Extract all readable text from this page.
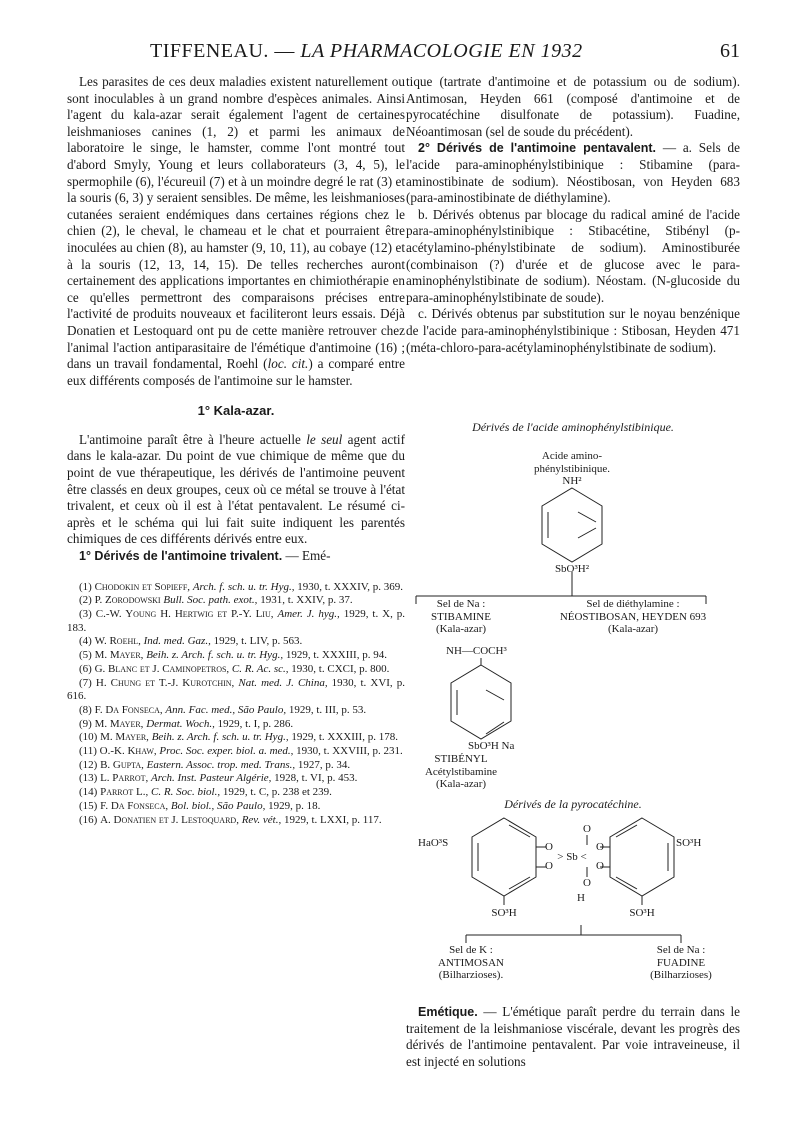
TIFFENEAU. — LA PHARMACOLOGIE EN 1932	61

Les parasites de ces deux maladies existent naturellement ou sont inoculables à un grand nombre d'espèces animales. Ainsi l'agent du kala-azar serait également l'agent de certaines leishmanioses canines (1, 2) et parmi les animaux de laboratoire le singe, le hamster, comme l'ont montré tout d'abord Smyly, Young et leurs collaborateurs (3, 4, 5), le spermophile (6), l'écureuil (7) et à un moindre degré le rat (3) et la souris (6, 3) y seraient sensibles. De même, les leishmanioses cutanées seraient endémiques dans certaines régions chez le chien (2), le cheval, le chameau et le chat et pourraient être inoculées au chien (8), au hamster (9, 10, 11), au cobaye (12) et à la souris (12, 13, 14, 15). De telles recherches auront certainement des applications importantes en chimiothérapie en ce qu'elles permettront des comparaisons précises entre l'activité de produits nouveaux et faciliteront leurs essais. Déjà Donatien et Lestoquard ont pu de cette manière retrouver chez l'animal l'action antiparasitaire de l'émétique d'antimoine (16) ; dans un travail fondamental, Roehl (loc. cit.) a comparé entre eux différents composés de l'antimoine sur le hamster.

1° Kala-azar.

L'antimoine paraît être à l'heure actuelle le seul agent actif dans le kala-azar. Du point de vue chimique de même que du point de vue thérapeutique, les dérivés de l'antimoine peuvent être classés en deux groupes, ceux où ce métal se trouve à l'état trivalent, et ceux où il est à l'état pentavalent. Le résumé ci-après et le schéma qui lui fait suite indiquent les parentés chimiques de ces différents dérivés entre eux.

1° Dérivés de l'antimoine trivalent. — Emé-

(1) Chodokin et Sopieff, Arch. f. sch. u. tr. Hyg., 1930, t. XXXIV, p. 369.
(2) P. Zorodowski Bull. Soc. path. exot., 1931, t. XXIV, p. 37.
(3) C.-W. Young H. Hertwig et P.-Y. Liu, Amer. J. hyg., 1929, t. X, p. 183.
(4) W. Roehl, Ind. med. Gaz., 1929, t. LIV, p. 563.
(5) M. Mayer, Beih. z. Arch. f. sch. u. tr. Hyg., 1929, t. XXXIII, p. 94.
(6) G. Blanc et J. Caminopetros, C. R. Ac. sc., 1930, t. CXCI, p. 800.
(7) H. Chung et T.-J. Kurotchin, Nat. med. J. China, 1930, t. XVI, p. 616.
(8) F. Da Fonseca, Ann. Fac. med., São Paulo, 1929, t. III, p. 53.
(9) M. Mayer, Dermat. Woch., 1929, t. I, p. 286.
(10) M. Mayer, Beih. z. Arch. f. sch. u. tr. Hyg., 1929, t. XXXIII, p. 178.
(11) O.-K. Khaw, Proc. Soc. exper. biol. a. med., 1930, t. XXVIII, p. 231.
(12) B. Gupta, Eastern. Assoc. trop. med. Trans., 1927, p. 34.
(13) L. Parrot, Arch. Inst. Pasteur Algérie, 1928, t. VI, p. 453.
(14) Parrot L., C. R. Soc. biol., 1929, t. C, p. 238 et 239.
(15) F. Da Fonseca, Bol. biol., São Paulo, 1929, p. 18.
(16) A. Donatien et J. Lestoquard, Rev. vét., 1929, t. LXXI, p. 117.

tique (tartrate d'antimoine et de potassium ou de sodium). Antimosan, Heyden 661 (composé d'antimoine et de pyrocatéchine disulfonate de potassium). Fuadine, Néoantimosan (sel de soude du précédent).

2° Dérivés de l'antimoine pentavalent. — a. Sels de l'acide para-aminophénylstibinique : Stibamine (para-aminostibinate de sodium). Néostibosan, von Heyden 683 (para-aminostibinate de diéthylamine).

b. Dérivés obtenus par blocage du radical aminé de l'acide para-aminophénylstinibique : Stibacétine, Stibényl (p-acétylamino-phénylstibinate de sodium). Aminostiburée (combinaison (?) d'urée et de glucose avec le para-aminophénylstibinate de sodium). Néostam. (N-glucoside du para-aminophénylstibinate de soude).

c. Dérivés obtenus par substitution sur le noyau benzénique de l'acide para-aminophénylstibinique : Stibosan, Heyden 471 (méta-chloro-para-acétylaminophénylstibinate de sodium).

Dérivés de l'acide aminophénylstibinique.
Acide amino-
phénylstibinique.
NH²
SbO³H²
Sel de Na :
STIBAMINE
(Kala-azar)
Sel de diéthylamine :
NÉOSTIBOSAN, HEYDEN 693
(Kala-azar)
NH—COCH³
SbO³H Na
STIBÉNYL
Acétylstibamine
(Kala-azar)
Dérivés de la pyrocatéchine.
HaO³S	SO³H
O
O
> Sb <
O
O
O
O
H
SO³H	SO³H
Sel de K :
ANTIMOSAN
(Bilharzioses).
Sel de Na :
FUADINE
(Bilharzioses)

Emétique. — L'émétique paraît perdre du terrain dans le traitement de la leishmaniose viscérale, devant les progrès des dérivés de l'antimoine pentavalent. Par voie intraveineuse, il est injecté en solutions
